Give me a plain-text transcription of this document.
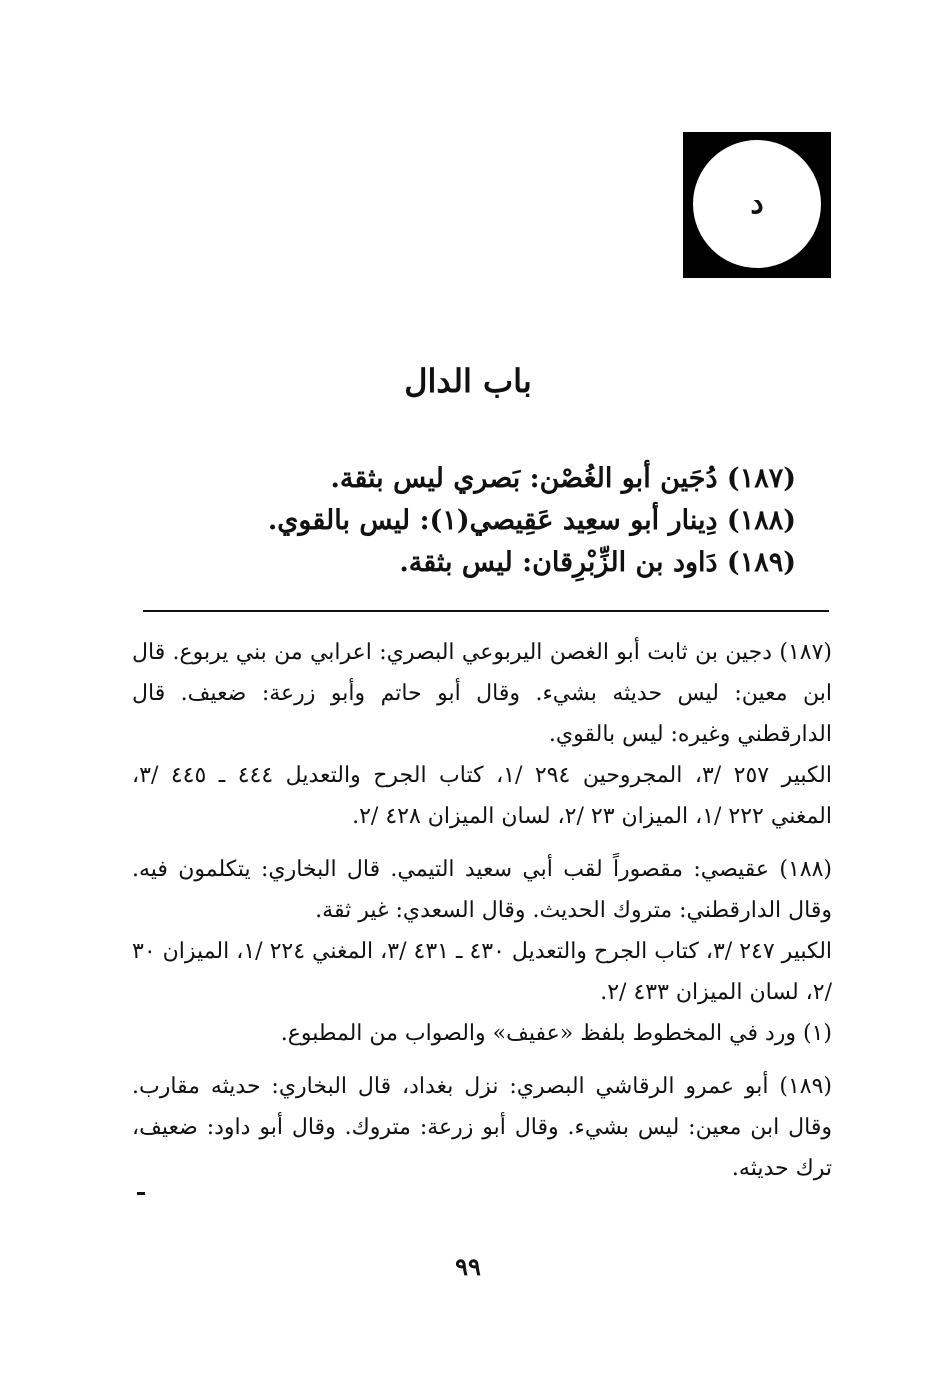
د
باب الدال
(١٨٧) دُجَين أبو الغُصْن: بَصري ليس بثقة.
(١٨٨) دِينار أبو سعِيد عَقِيصي(١): ليس بالقوي.
(١٨٩) دَاود بن الزِّبْرِقان: ليس بثقة.

(١٨٧) دجين بن ثابت أبو الغصن اليربوعي البصري: اعرابي من بني يربوع. قال ابن معين: ليس حديثه بشيء. وقال أبو حاتم وأبو زرعة: ضعيف. قال الدارقطني وغيره: ليس بالقوي.

الكبير ٢٥٧ /٣، المجروحين ٢٩٤ /١، كتاب الجرح والتعديل ٤٤٤ ـ ٤٤٥ /٣، المغني ٢٢٢ /١، الميزان ٢٣ /٢، لسان الميزان ٤٢٨ /٢.

(١٨٨) عقيصي: مقصوراً لقب أبي سعيد التيمي. قال البخاري: يتكلمون فيه. وقال الدارقطني: متروك الحديث. وقال السعدي: غير ثقة.

الكبير ٢٤٧ /٣، كتاب الجرح والتعديل ٤٣٠ ـ ٤٣١ /٣، المغني ٢٢٤ /١، الميزان ٣٠ /٢، لسان الميزان ٤٣٣ /٢.

(١) ورد في المخطوط بلفظ «عفيف» والصواب من المطبوع.

(١٨٩) أبو عمرو الرقاشي البصري: نزل بغداد، قال البخاري: حديثه مقارب. وقال ابن معين: ليس بشيء. وقال أبو زرعة: متروك. وقال أبو داود: ضعيف، ترك حديثه.

٩٩
